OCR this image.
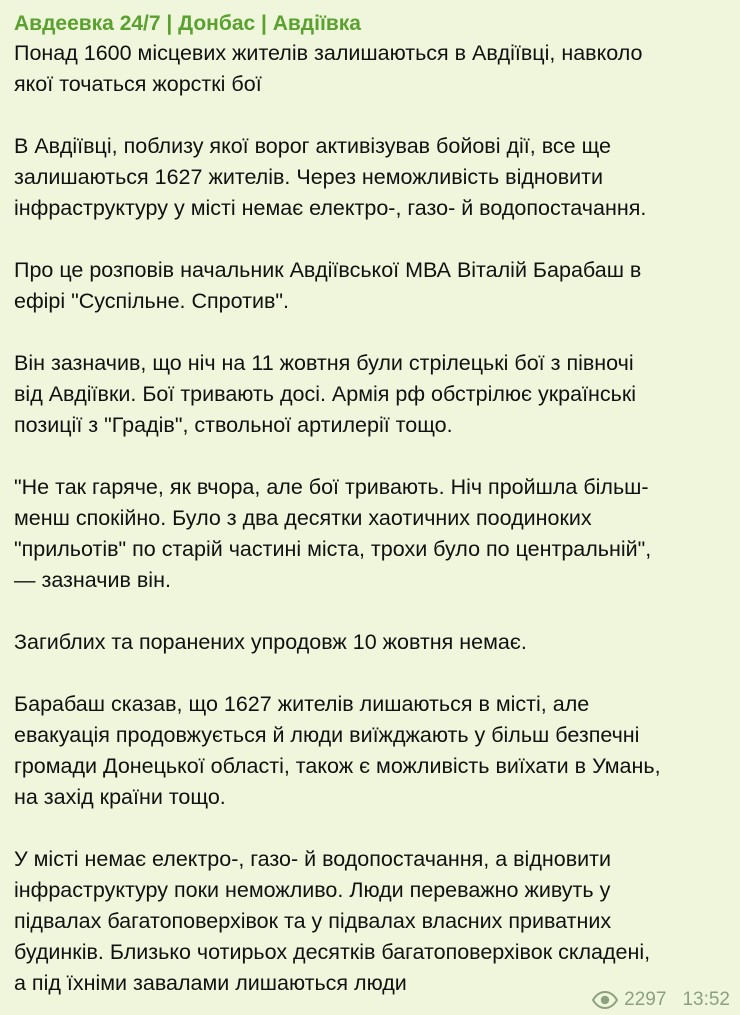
Авдеевка 24/7 | Донбас | Авдіївка
Понад 1600 місцевих жителів залишаються в Авдіївці, навколо
якої точаться жорсткі бої
В Авдіївці, поблизу якої ворог активізував бойові дії, все ще
залишаються 1627 жителів. Через неможливість відновити
інфраструктуру у місті немає електро-, газо- й водопостачання.
Про це розповів начальник Авдіївської МВА Віталій Барабаш в
ефірі "Суспільне. Спротив".
Він зазначив, що ніч на 11 жовтня були стрілецькі бої з півночі
від Авдіївки. Бої тривають досі. Армія рф обстрілює українські
позиції з "Градів", ствольної артилерії тощо.
"Не так гаряче, як вчора, але бої тривають. Ніч пройшла більш-
менш спокійно. Було з два десятки хаотичних поодиноких
"прильотів" по старій частині міста, трохи було по центральній",
— зазначив він.
Загиблих та поранених упродовж 10 жовтня немає.
Барабаш сказав, що 1627 жителів лишаються в місті, але
евакуація продовжується й люди виїжджають у більш безпечні
громади Донецької області, також є можливість виїхати в Умань,
на захід країни тощо.
У місті немає електро-, газо- й водопостачання, а відновити
інфраструктуру поки неможливо. Люди переважно живуть у
підвалах багатоповерхівок та у підвалах власних приватних
будинків. Близько чотирьох десятків багатоповерхівок складені,
а під їхніми завалами лишаються люди
2297 13:52
